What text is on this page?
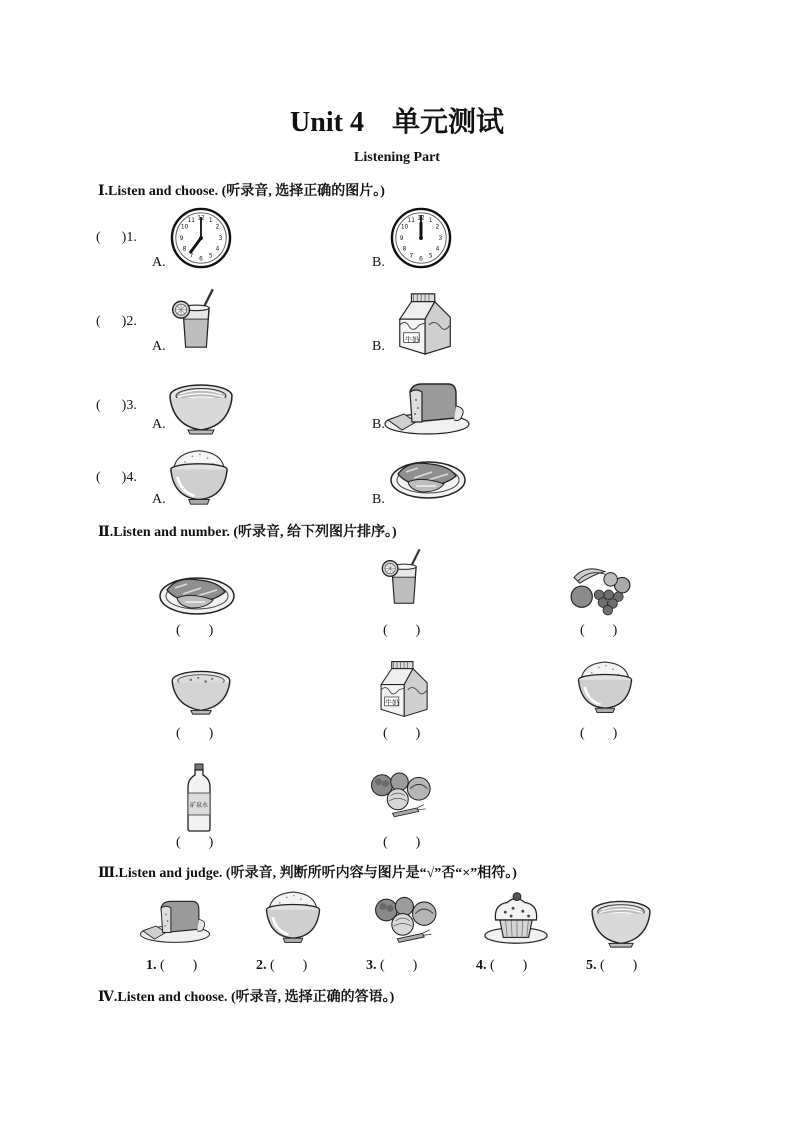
Unit 4    单元测试
Listening Part
Ⅰ.Listen and choose. (听录音, 选择正确的图片。)
(      )1.
A.	B.
(      )2.
A.	B.
(      )3.
A.	B.
(      )4.
A.	B.
Ⅱ.Listen and number. (听录音, 给下列图片排序。)
(        )	(        )	(        )
(        )	(        )	(        )
矿泉水
(        )	(        )
Ⅲ.Listen and judge. (听录音, 判断所听内容与图片是“√”否“×”相符。)
1. (        )	2. (        )	3. (        )	4. (        )	5. (        )
Ⅳ.Listen and choose. (听录音, 选择正确的答语。)
牛奶
牛奶
